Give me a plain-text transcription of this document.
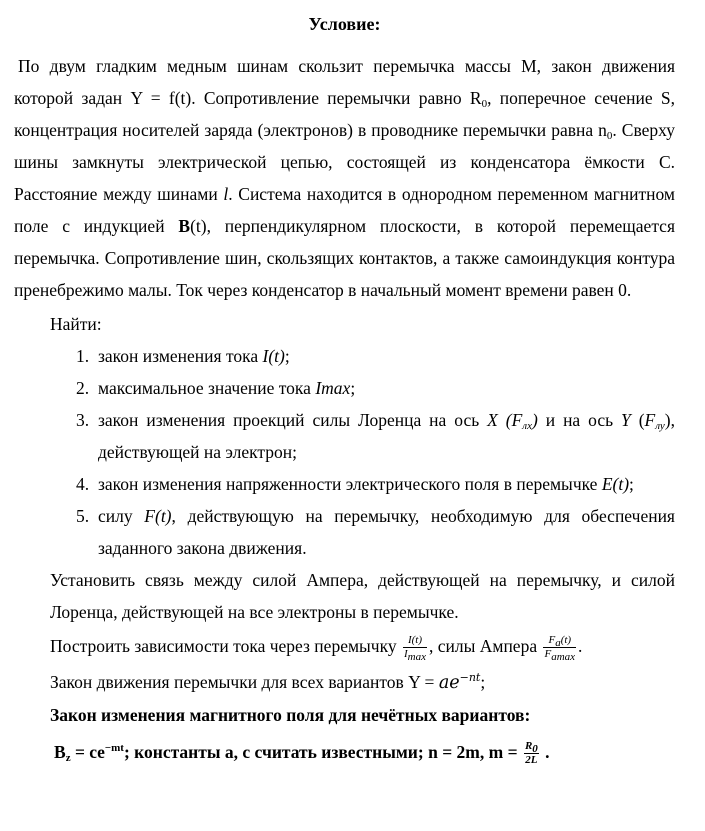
Условие:

По двум гладким медным шинам скользит перемычка массы M, закон движения которой задан Y = f(t). Сопротивление перемычки равно $R_0$, поперечное сечение S, концентрация носителей заряда (электронов) в проводнике перемычки равна $n_0$. Сверху шины замкнуты электрической цепью, состоящей из конденсатора ёмкости С. Расстояние между шинами l. Система находится в однородном переменном магнитном поле с индукцией B(t), перпендикулярном плоскости, в которой перемещается перемычка. Сопротивление шин, скользящих контактов, а также самоиндукция контура пренебрежимо малы. Ток через конденсатор в начальный момент времени равен 0.

Найти:
1. закон изменения тока I(t);
2. максимальное значение тока Imax;
3. закон изменения проекций силы Лоренца на ось X $(F_{лх})$ и на ось Y $(F_{лу})$, действующей на электрон;
4. закон изменения напряженности электрического поля в перемычке E(t);
5. силу F(t), действующую на перемычку, необходимую для обеспечения заданного закона движения.

Установить связь между силой Ампера, действующей на перемычку, и силой Лоренца, действующей на все электроны в перемычке.

Построить зависимости тока через перемычку $\frac{I(t)}{I_{max}}$ , силы Ампера $\frac{F_a(t)}{F_{amax}}$ .
Закон движения перемычки для всех вариантов $Y = ae^{-nt}$;
Закон изменения магнитного поля для нечётных вариантов:
$B_z = ce^{-mt}$; константы а, с считать известными; n = 2m, $m = \frac{R_0}{2L}$ .
